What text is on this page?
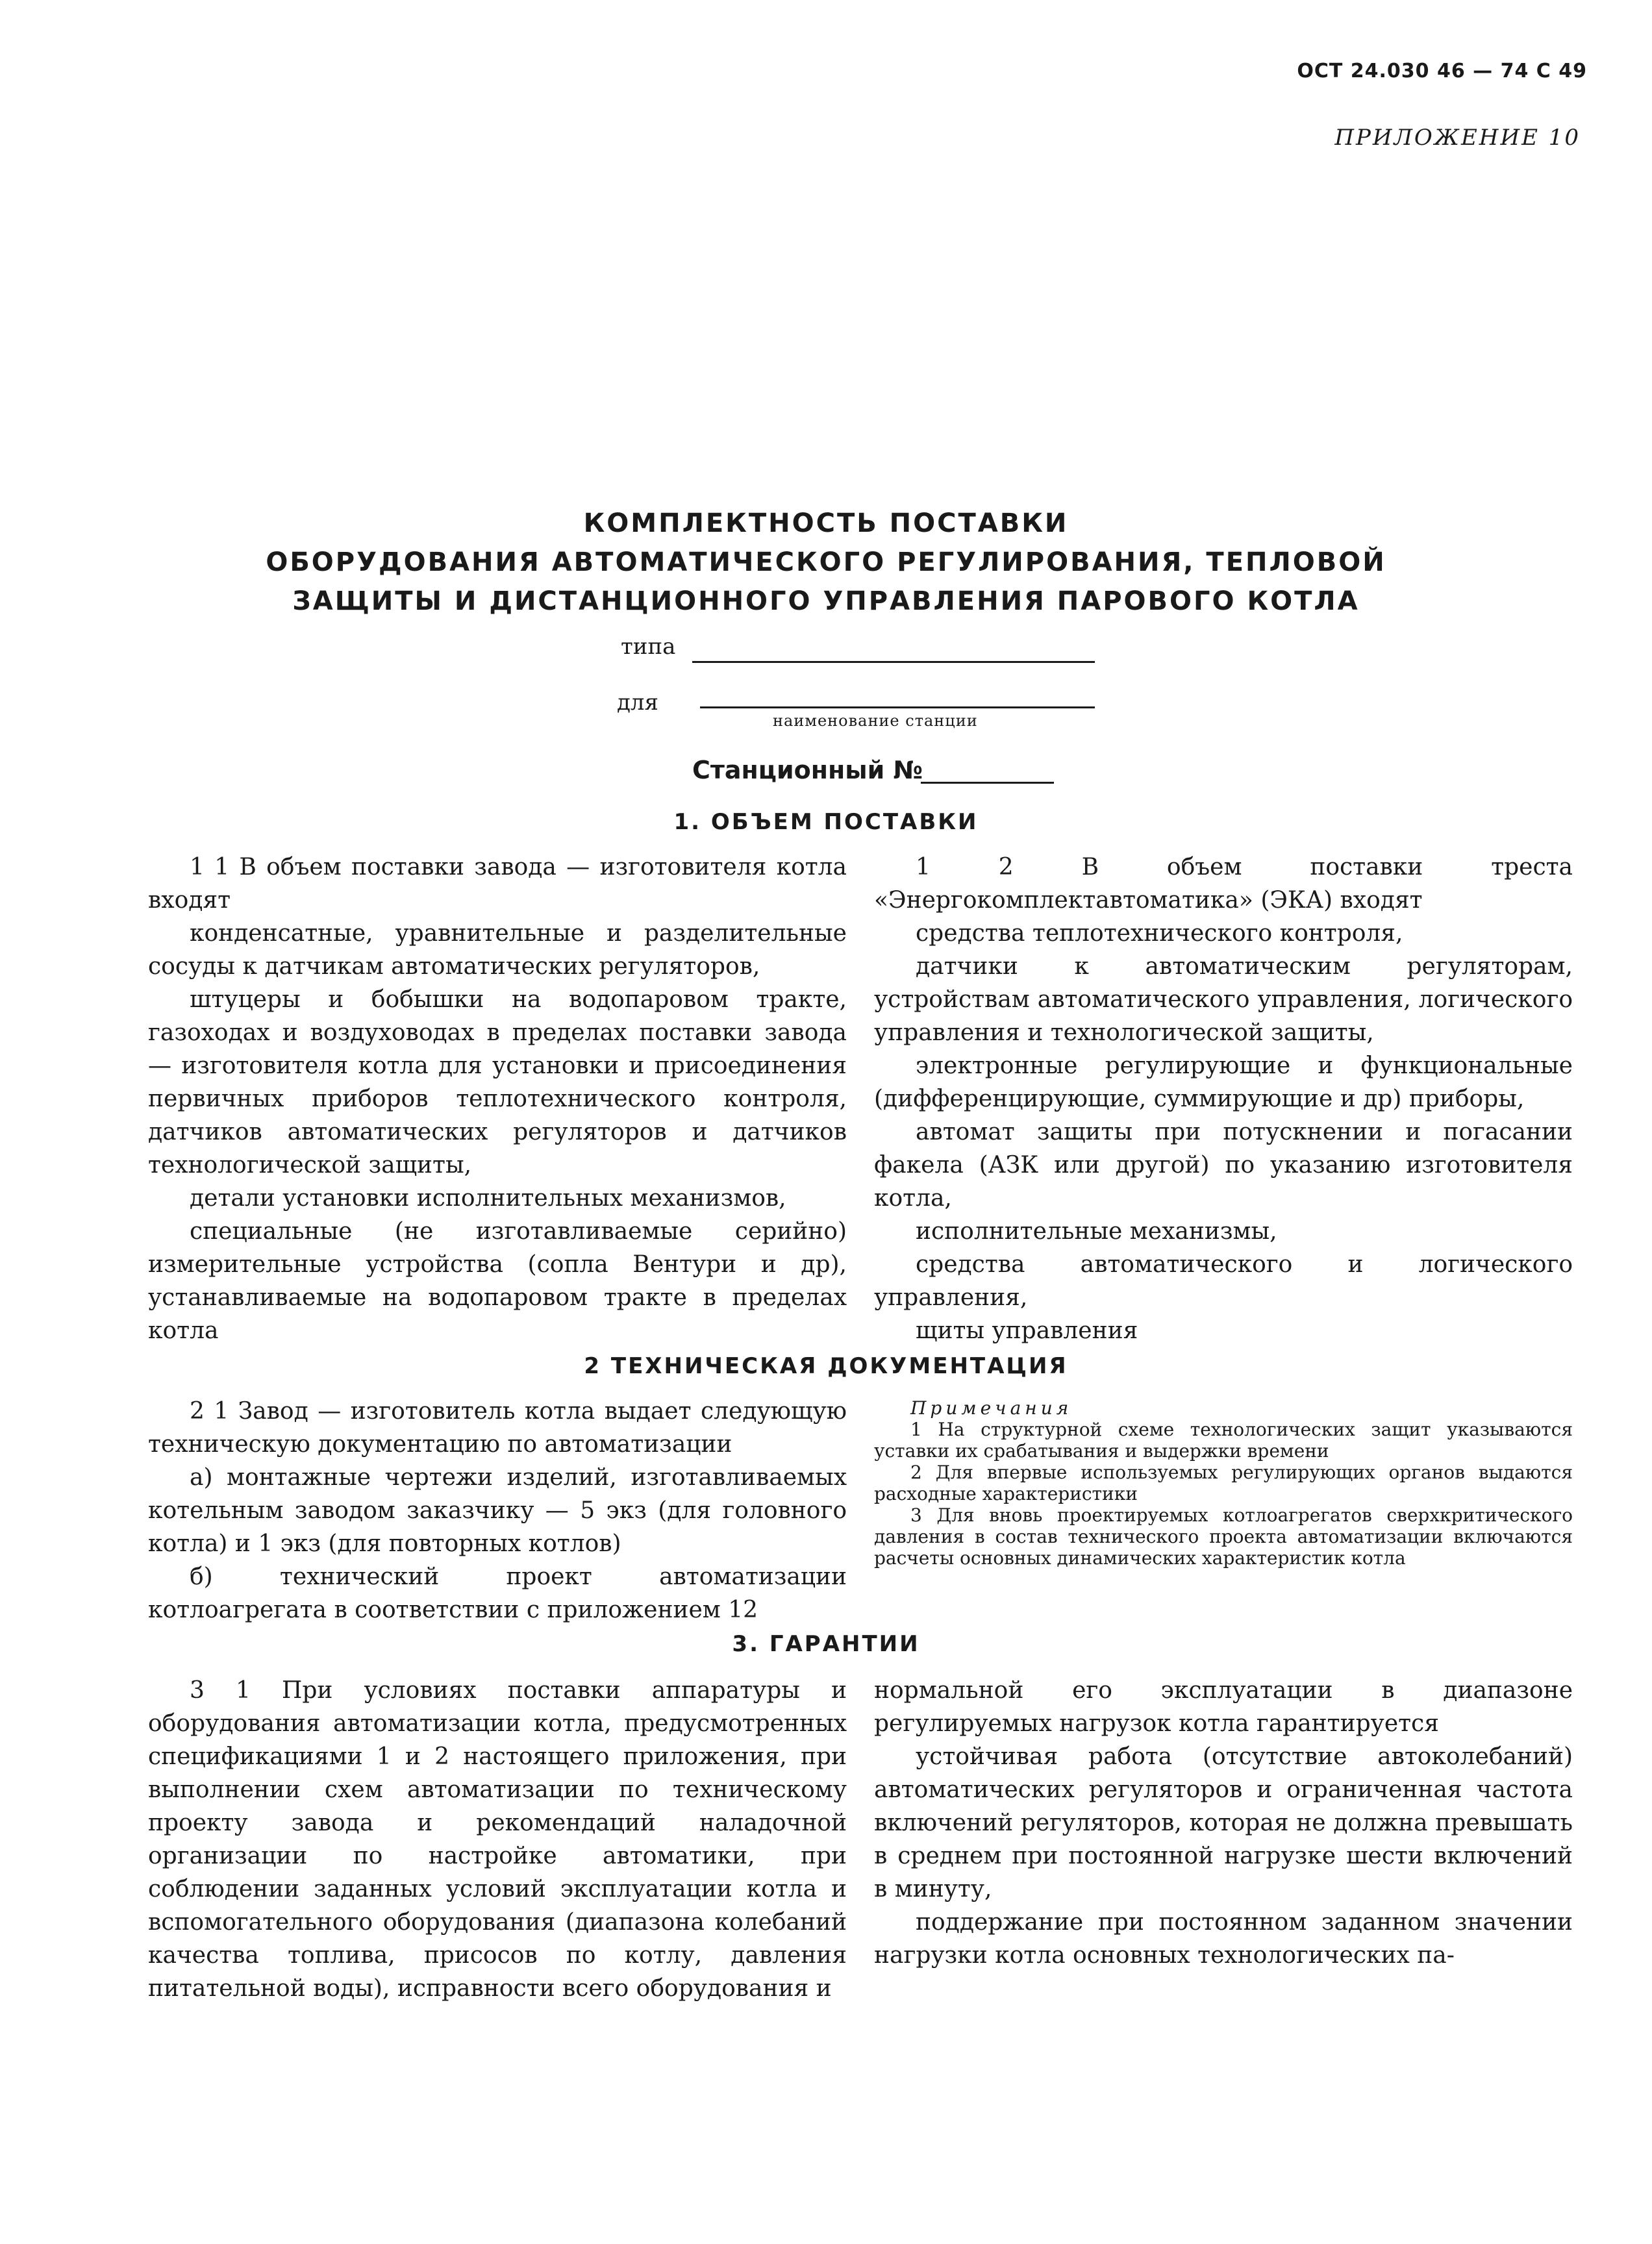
ОСТ 24.030 46 — 74 С 49
ПРИЛОЖЕНИЕ 10
КОМПЛЕКТНОСТЬ ПОСТАВКИ
ОБОРУДОВАНИЯ АВТОМАТИЧЕСКОГО РЕГУЛИРОВАНИЯ, ТЕПЛОВОЙ
ЗАЩИТЫ И ДИСТАНЦИОННОГО УПРАВЛЕНИЯ ПАРОВОГО КОТЛА
типа
для
наименование станции
Станционный №
1. ОБЪЕМ ПОСТАВКИ

1 1 В объем поставки завода — изготовителя котла входят

конденсатные, уравнительные и разделительные сосуды к датчикам автоматических регуляторов,

штуцеры и бобышки на водопаровом тракте, газоходах и воздуховодах в пределах поставки завода — изготовителя котла для установки и присоединения первичных приборов теплотехнического контроля, датчиков автоматических регуляторов и датчиков технологической защиты,

детали установки исполнительных механизмов,

специальные (не изготавливаемые серийно) измерительные устройства (сопла Вентури и др), устанавливаемые на водопаровом тракте в пределах котла

1 2 В объем поставки треста «Энергокомплектавтоматика» (ЭКА) входят

средства теплотехнического контроля,

датчики к автоматическим регуляторам, устройствам автоматического управления, логического управления и технологической защиты,

электронные регулирующие и функциональные (дифференцирующие, суммирующие и др) приборы,

автомат защиты при потускнении и погасании факела (АЗК или другой) по указанию изготовителя котла,

исполнительные механизмы,

средства автоматического и логического управления,

щиты управления

2 ТЕХНИЧЕСКАЯ ДОКУМЕНТАЦИЯ

2 1 Завод — изготовитель котла выдает следующую техническую документацию по автоматизации

а) монтажные чертежи изделий, изготавливаемых котельным заводом заказчику — 5 экз (для головного котла) и 1 экз (для повторных котлов)

б) технический проект автоматизации котлоагрегата в соответствии с приложением 12

Примечания

1 На структурной схеме технологических защит указываются уставки их срабатывания и выдержки времени

2 Для впервые используемых регулирующих органов выдаются расходные характеристики

3 Для вновь проектируемых котлоагрегатов сверхкритического давления в состав технического проекта автоматизации включаются расчеты основных динамических характеристик котла

3. ГАРАНТИИ

3 1 При условиях поставки аппаратуры и оборудования автоматизации котла, предусмотренных спецификациями 1 и 2 настоящего приложения, при выполнении схем автоматизации по техническому проекту завода и рекомендаций наладочной организации по настройке автоматики, при соблюдении заданных условий эксплуатации котла и вспомогательного оборудования (диапазона колебаний качества топлива, присосов по котлу, давления питательной воды), исправности всего оборудования и

нормальной его эксплуатации в диапазоне регулируемых нагрузок котла гарантируется

устойчивая работа (отсутствие автоколебаний) автоматических регуляторов и ограниченная частота включений регуляторов, которая не должна превышать в среднем при постоянной нагрузке шести включений в минуту,

поддержание при постоянном заданном значении нагрузки котла основных технологических па-
